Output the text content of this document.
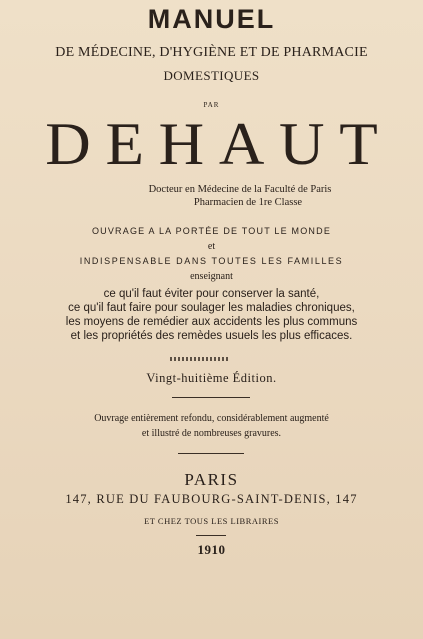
MANUEL
DE MÉDECINE, D'HYGIÈNE ET DE PHARMACIE
DOMESTIQUES
PAR
DEHAUT
Docteur en Médecine de la Faculté de Paris
Pharmacien de 1re Classe
OUVRAGE A LA PORTÉE DE TOUT LE MONDE
et
INDISPENSABLE DANS TOUTES LES FAMILLES
enseignant
ce qu'il faut éviter pour conserver la santé,
ce qu'il faut faire pour soulager les maladies chroniques,
les moyens de remédier aux accidents les plus communs
et les propriétés des remèdes usuels les plus efficaces.
Vingt-huitième Édition.
Ouvrage entièrement refondu, considérablement augmenté
et illustré de nombreuses gravures.
PARIS
147, RUE DU FAUBOURG-SAINT-DENIS, 147
ET CHEZ TOUS LES LIBRAIRES
1910
